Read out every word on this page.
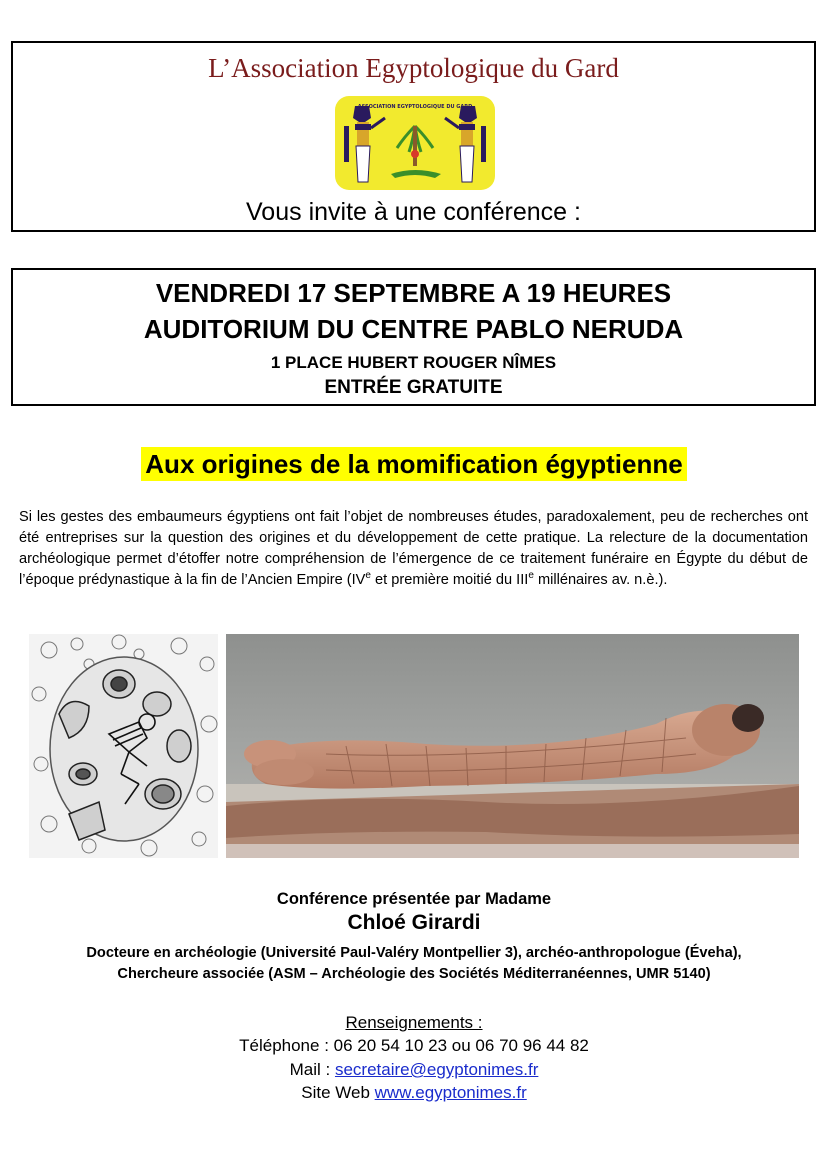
L’Association Egyptologique du Gard
ASSOCIATION EGYPTOLOGIQUE DU GARD
Vous invite à une conférence :
VENDREDI 17 SEPTEMBRE A 19 HEURES
AUDITORIUM DU CENTRE PABLO NERUDA
1 PLACE HUBERT ROUGER NÎMES
ENTRÉE GRATUITE
Aux origines de la momification égyptienne
Si les gestes des embaumeurs égyptiens ont fait l’objet de nombreuses études, paradoxalement, peu de recherches ont été entreprises sur la question des origines et du développement de cette pratique. La relecture de la documentation archéologique permet d’étoffer notre compréhension de l’émergence de ce traitement funéraire en Égypte du début de l’époque prédynastique à la fin de l’Ancien Empire (IVe et première moitié du IIIe millénaires av. n.è.).
Conférence présentée par Madame
Chloé Girardi
Docteure en archéologie (Université Paul-Valéry Montpellier 3), archéo-anthropologue (Éveha),
Chercheure associée (ASM – Archéologie des Sociétés Méditerranéennes, UMR 5140)
Renseignements :
Téléphone : 06 20 54 10 23 ou 06 70 96 44 82
Mail : secretaire@egyptonimes.fr
Site Web www.egyptonimes.fr
